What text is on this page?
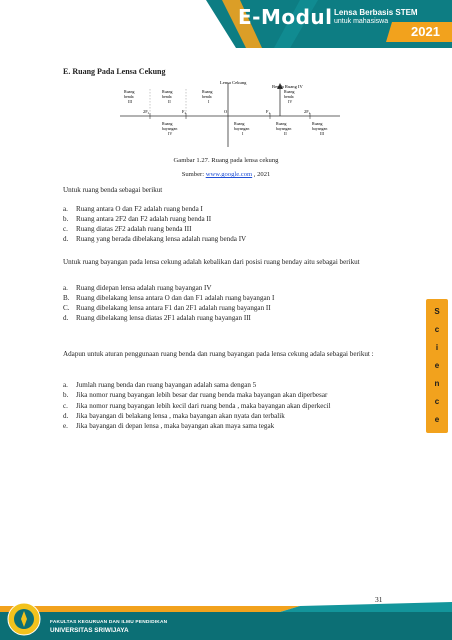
E-Modul Lensa Berbasis STEM
untuk mahasiswa
2021
E. Ruang Pada Lensa Cekung
Lensa Cekung
Benda Ruang IV
Ruang
benda
III
Ruang
benda
II
Ruang
benda
I
Ruang
benda
IV
2F₂	F₂	O	F₁	2F₁
Ruang
bayangan
IV
Ruang
bayangan
I
Ruang
bayangan
II
Ruang
bayangan
III
Gambar 1.27. Ruang pada lensa cekung
Sumber: www.google.com , 2021
Untuk ruang benda sebagai berikut
a. Ruang antara O dan F2 adalah ruang benda I
b. Ruang antara 2F2 dan F2 adalah ruang benda II
c. Ruang diatas 2F2 adalah ruang benda III
d. Ruang yang berada dibelakang lensa adalah ruang benda IV
Untuk ruang bayangan pada lensa cekung adalah kebalikan dari posisi ruang benday aitu sebagai berikut
a. Ruang didepan lensa adalah ruang bayangan IV
B. Ruang dibelakang lensa antara O dan dan F1 adalah ruang bayangan I
C. Ruang dibelakang lensa antara F1 dan 2F1 adalah ruang bayangan II
d. Ruang dibelakang lensa diatas 2F1 adalah ruang bayangan III
Adapun untuk aturan penggunaan ruang benda dan ruang bayangan pada lensa cekung adala sebagai berikut :
a. Jumlah ruang benda dan ruang bayangan adalah sama dengan 5
b. Jika nomor ruang bayangan lebih besar dar ruang benda maka bayangan akan diperbesar
c. Jika nomor ruang bayangan lebih kecil dari ruang benda , maka bayangan akan diperkecil
d. Jika bayangan di belakang lensa , maka bayangan akan nyata dan terbalik
e. Jika bayangan di depan lensa , maka bayangan akan maya sama tegak
S
c
i
e
n
c
e
31
FAKULTAS KEGURUAN DAN ILMU PENDIDIKAN
UNIVERSITAS SRIWIJAYA
